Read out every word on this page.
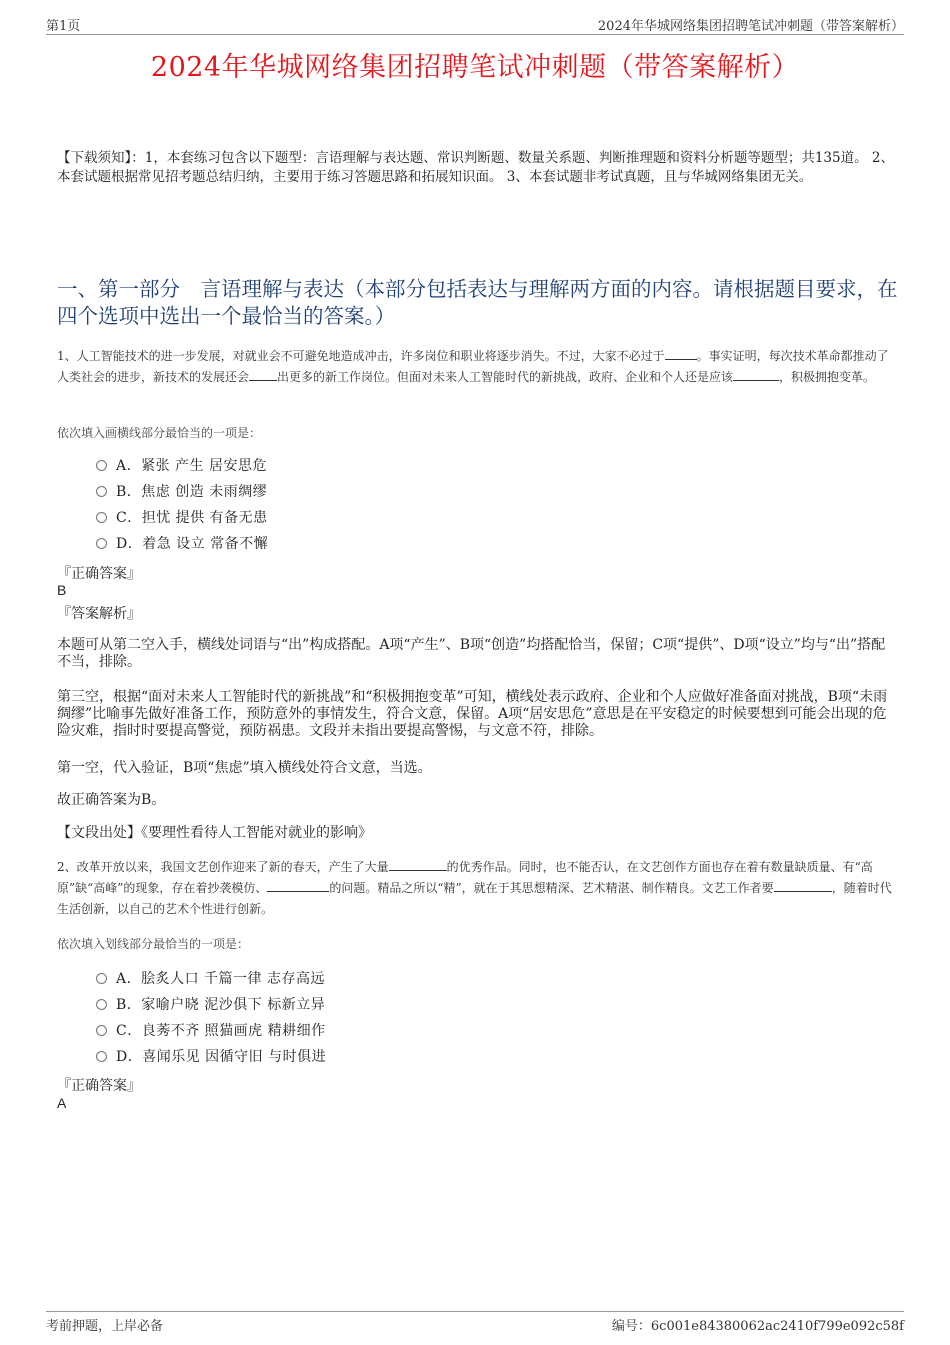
第1页	2024年华城网络集团招聘笔试冲刺题（带答案解析）
2024年华城网络集团招聘笔试冲刺题（带答案解析）
【下载须知】：1，本套练习包含以下题型：言语理解与表达题、常识判断题、数量关系题、判断推理题和资料分析题等题型；共135道。 2、本套试题根据常见招考题总结归纳，主要用于练习答题思路和拓展知识面。 3、本套试题非考试真题，且与华城网络集团无关。
一、第一部分　言语理解与表达（本部分包括表达与理解两方面的内容。请根据题目要求，在四个选项中选出一个最恰当的答案。）
1、人工智能技术的进一步发展，对就业会不可避免地造成冲击，许多岗位和职业将逐步消失。不过，大家不必过于	。事实证明，每次技术革命都推动了人类社会的进步，新技术的发展还会 出更多的新工作岗位。但面对未来人工智能时代的新挑战，政府、企业和个人还是应该	，积极拥抱变革。
依次填入画横线部分最恰当的一项是：
A．紧张 产生 居安思危
B．焦虑 创造 未雨绸缪
C．担忧 提供 有备无患
D．着急 设立 常备不懈
『正确答案』
B
『答案解析』
本题可从第二空入手，横线处词语与“出”构成搭配。A项“产生”、B项“创造”均搭配恰当，保留；C项“提供”、D项“设立”均与“出”搭配不当，排除。
第三空，根据“面对未来人工智能时代的新挑战”和“积极拥抱变革”可知，横线处表示政府、企业和个人应做好准备面对挑战，B项“未雨绸缪”比喻事先做好准备工作，预防意外的事情发生，符合文意，保留。A项“居安思危”意思是在平安稳定的时候要想到可能会出现的危险灾难，指时时要提高警觉，预防祸患。文段并未指出要提高警惕，与文意不符，排除。
第一空，代入验证，B项“焦虑”填入横线处符合文意，当选。
故正确答案为B。
【文段出处】《要理性看待人工智能对就业的影响》
2、改革开放以来，我国文艺创作迎来了新的春天，产生了大量	的优秀作品。同时，也不能否认，在文艺创作方面也存在着有数量缺质量、有“高原”缺“高峰”的现象，存在着抄袭模仿、	的问题。精品之所以“精”，就在于其思想精深、艺术精湛、制作精良。文艺工作者要	，随着时代生活创新，以自己的艺术个性进行创新。
依次填入划线部分最恰当的一项是：
A．脍炙人口 千篇一律 志存高远
B．家喻户晓 泥沙俱下 标新立异
C．良莠不齐 照猫画虎 精耕细作
D．喜闻乐见 因循守旧 与时俱进
『正确答案』
A
考前押题，上岸必备	编号：6c001e84380062ac2410f799e092c58f
